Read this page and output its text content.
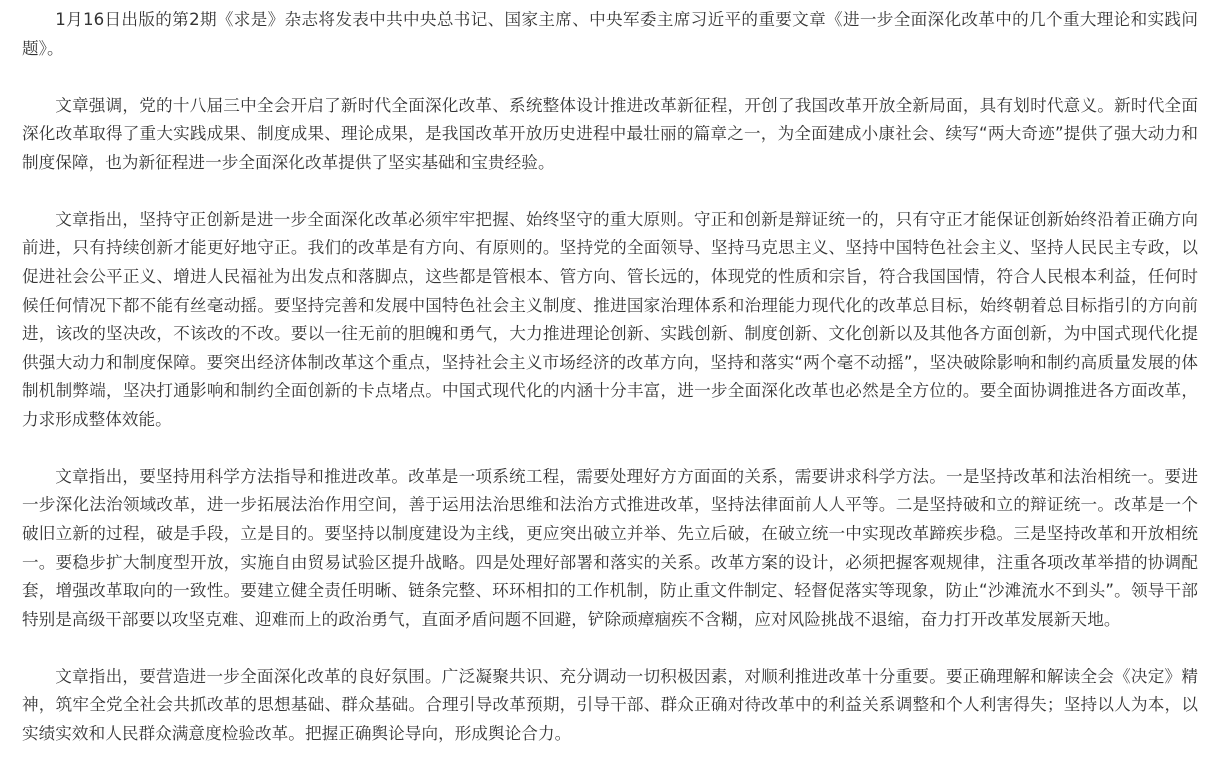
1月16日出版的第2期《求是》杂志将发表中共中央总书记、国家主席、中央军委主席习近平的重要文章《进一步全面深化改革中的几个重大理论和实践问题》。

文章强调，党的十八届三中全会开启了新时代全面深化改革、系统整体设计推进改革新征程，开创了我国改革开放全新局面，具有划时代意义。新时代全面深化改革取得了重大实践成果、制度成果、理论成果，是我国改革开放历史进程中最壮丽的篇章之一，为全面建成小康社会、续写“两大奇迹”提供了强大动力和制度保障，也为新征程进一步全面深化改革提供了坚实基础和宝贵经验。

文章指出，坚持守正创新是进一步全面深化改革必须牢牢把握、始终坚守的重大原则。守正和创新是辩证统一的，只有守正才能保证创新始终沿着正确方向前进，只有持续创新才能更好地守正。我们的改革是有方向、有原则的。坚持党的全面领导、坚持马克思主义、坚持中国特色社会主义、坚持人民民主专政，以促进社会公平正义、增进人民福祉为出发点和落脚点，这些都是管根本、管方向、管长远的，体现党的性质和宗旨，符合我国国情，符合人民根本利益，任何时候任何情况下都不能有丝毫动摇。要坚持完善和发展中国特色社会主义制度、推进国家治理体系和治理能力现代化的改革总目标，始终朝着总目标指引的方向前进，该改的坚决改，不该改的不改。要以一往无前的胆魄和勇气，大力推进理论创新、实践创新、制度创新、文化创新以及其他各方面创新，为中国式现代化提供强大动力和制度保障。要突出经济体制改革这个重点，坚持社会主义市场经济的改革方向，坚持和落实“两个毫不动摇”，坚决破除影响和制约高质量发展的体制机制弊端，坚决打通影响和制约全面创新的卡点堵点。中国式现代化的内涵十分丰富，进一步全面深化改革也必然是全方位的。要全面协调推进各方面改革，力求形成整体效能。

文章指出，要坚持用科学方法指导和推进改革。改革是一项系统工程，需要处理好方方面面的关系，需要讲求科学方法。一是坚持改革和法治相统一。要进一步深化法治领域改革，进一步拓展法治作用空间，善于运用法治思维和法治方式推进改革，坚持法律面前人人平等。二是坚持破和立的辩证统一。改革是一个破旧立新的过程，破是手段，立是目的。要坚持以制度建设为主线，更应突出破立并举、先立后破，在破立统一中实现改革蹄疾步稳。三是坚持改革和开放相统一。要稳步扩大制度型开放，实施自由贸易试验区提升战略。四是处理好部署和落实的关系。改革方案的设计，必须把握客观规律，注重各项改革举措的协调配套，增强改革取向的一致性。要建立健全责任明晰、链条完整、环环相扣的工作机制，防止重文件制定、轻督促落实等现象，防止“沙滩流水不到头”。领导干部特别是高级干部要以攻坚克难、迎难而上的政治勇气，直面矛盾问题不回避，铲除顽瘴痼疾不含糊，应对风险挑战不退缩，奋力打开改革发展新天地。

文章指出，要营造进一步全面深化改革的良好氛围。广泛凝聚共识、充分调动一切积极因素，对顺利推进改革十分重要。要正确理解和解读全会《决定》精神，筑牢全党全社会共抓改革的思想基础、群众基础。合理引导改革预期，引导干部、群众正确对待改革中的利益关系调整和个人利害得失；坚持以人为本，以实绩实效和人民群众满意度检验改革。把握正确舆论导向，形成舆论合力。
